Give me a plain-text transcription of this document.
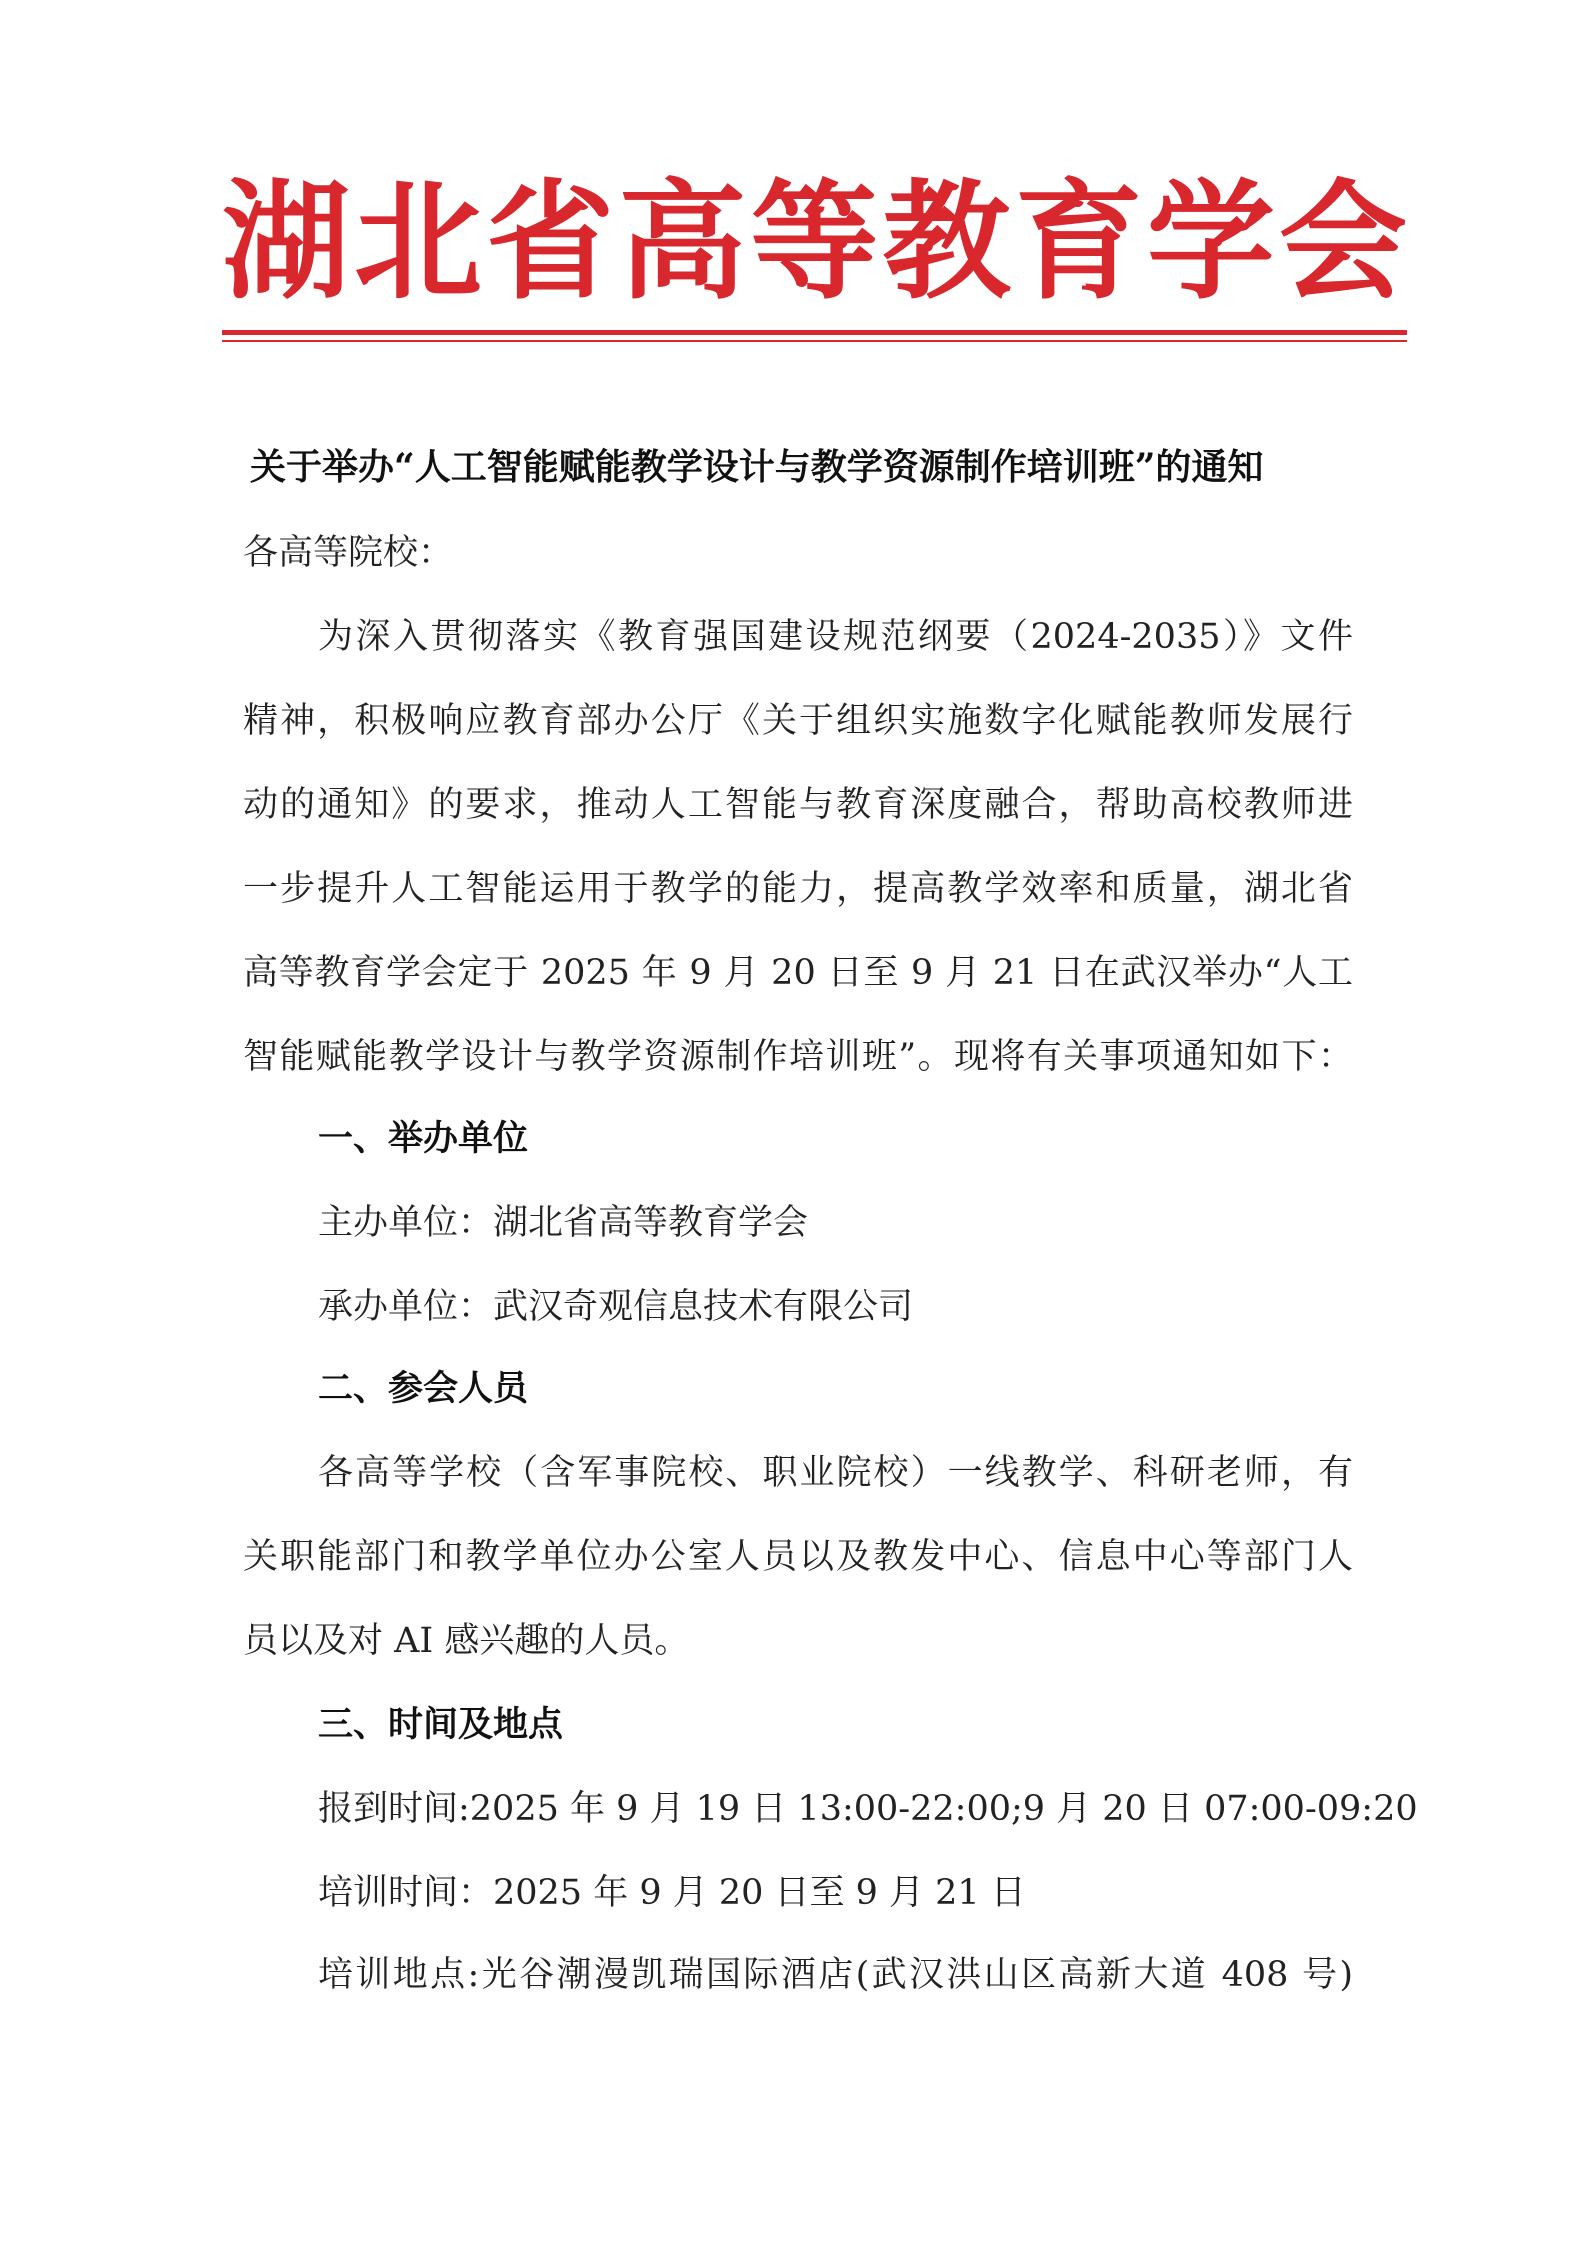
湖 北 省 高 等 教 育 学 会
关于举办“人工智能赋能教学设计与教学资源制作培训班”的通知
各高等院校：
为深入贯彻落实《教育强国建设规范纲要（2024-2035）》文件
精神，积极响应教育部办公厅《关于组织实施数字化赋能教师发展行
动的通知》的要求，推动人工智能与教育深度融合，帮助高校教师进
一步提升人工智能运用于教学的能力，提高教学效率和质量，湖北省
高等教育学会定于 2025 年 9 月 20 日至 9 月 21 日在武汉举办“人工
智能赋能教学设计与教学资源制作培训班”。现将有关事项通知如下：
一、举办单位
主办单位：湖北省高等教育学会
承办单位：武汉奇观信息技术有限公司
二、参会人员
各高等学校（含军事院校、职业院校）一线教学、科研老师，有
关职能部门和教学单位办公室人员以及教发中心、信息中心等部门人
员以及对 AI 感兴趣的人员。
三、时间及地点
报到时间:2025 年 9 月 19 日 13:00-22:00;9 月 20 日 07:00-09:20
培训时间：2025 年 9 月 20 日至 9 月 21 日
培训地点:光谷潮漫凯瑞国际酒店(武汉洪山区高新大道 408 号)
